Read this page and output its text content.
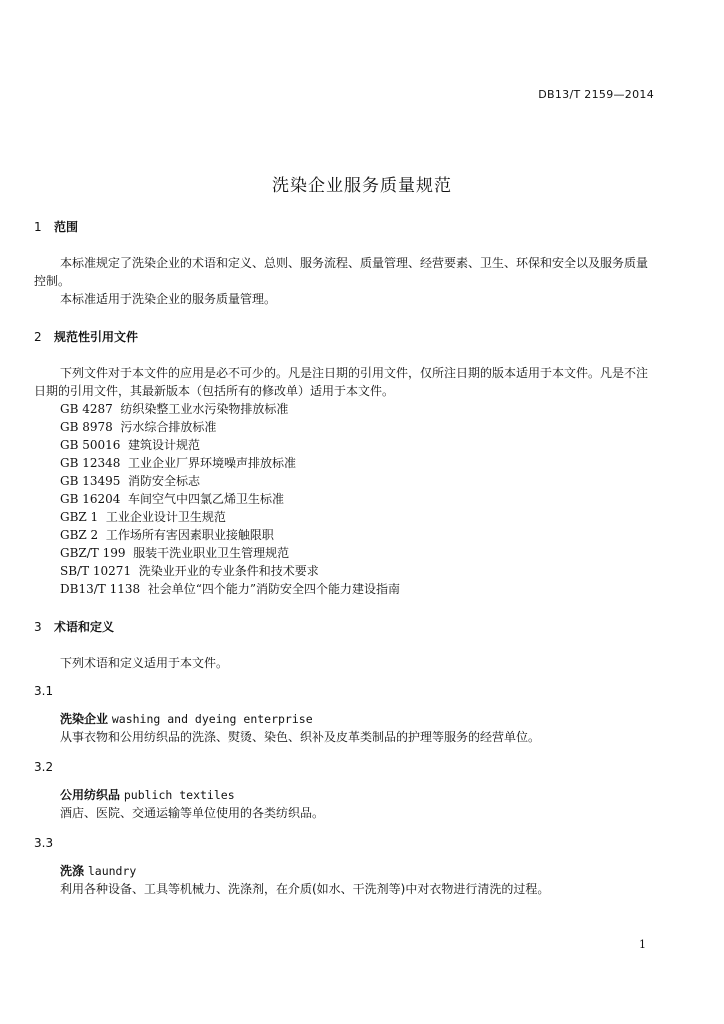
DB13/T 2159—2014
洗染企业服务质量规范

1 范围

本标准规定了洗染企业的术语和定义、总则、服务流程、质量管理、经营要素、卫生、环保和安全以及服务质量控制。

本标准适用于洗染企业的服务质量管理。

2 规范性引用文件

下列文件对于本文件的应用是必不可少的。凡是注日期的引用文件，仅所注日期的版本适用于本文件。凡是不注日期的引用文件，其最新版本（包括所有的修改单）适用于本文件。

GB 4287 纺织染整工业水污染物排放标准

GB 8978 污水综合排放标准

GB 50016 建筑设计规范

GB 12348 工业企业厂界环境噪声排放标准

GB 13495 消防安全标志

GB 16204 车间空气中四氯乙烯卫生标准

GBZ 1 工业企业设计卫生规范

GBZ 2 工作场所有害因素职业接触限职

GBZ/T 199 服装干洗业职业卫生管理规范

SB/T 10271 洗染业开业的专业条件和技术要求

DB13/T 1138 社会单位“四个能力”消防安全四个能力建设指南

3 术语和定义

下列术语和定义适用于本文件。

3.1

洗染企业 washing and dyeing enterprise

从事衣物和公用纺织品的洗涤、熨烫、染色、织补及皮革类制品的护理等服务的经营单位。

3.2

公用纺织品 publich textiles

酒店、医院、交通运输等单位使用的各类纺织品。

3.3

洗涤 laundry

利用各种设备、工具等机械力、洗涤剂，在介质(如水、干洗剂等)中对衣物进行清洗的过程。

1
